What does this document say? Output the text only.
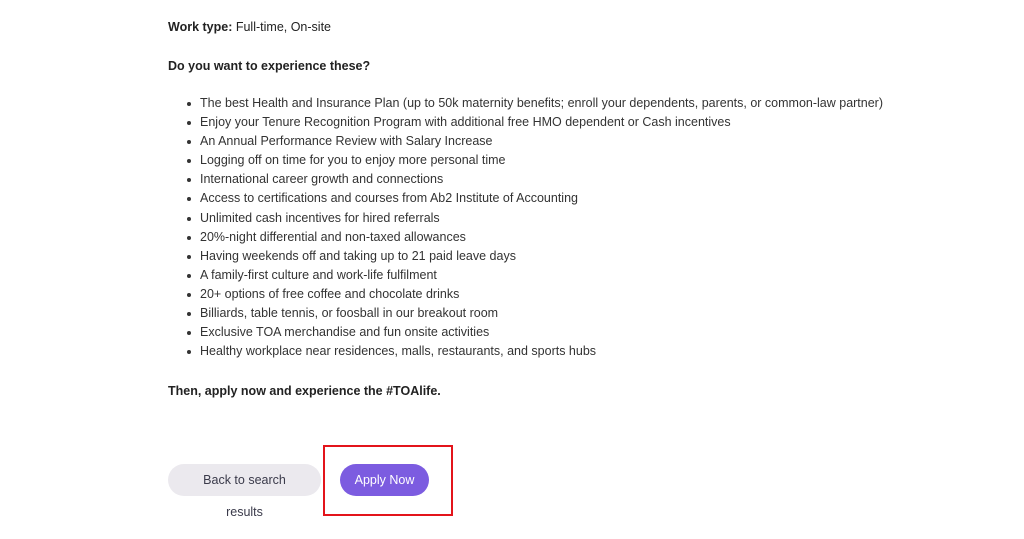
Work type: Full-time, On-site

Do you want to experience these?

The best Health and Insurance Plan (up to 50k maternity benefits; enroll your dependents, parents, or common-law partner)
Enjoy your Tenure Recognition Program with additional free HMO dependent or Cash incentives
An Annual Performance Review with Salary Increase
Logging off on time for you to enjoy more personal time
International career growth and connections
Access to certifications and courses from Ab2 Institute of Accounting
Unlimited cash incentives for hired referrals
20%-night differential and non-taxed allowances
Having weekends off and taking up to 21 paid leave days
A family-first culture and work-life fulfilment
20+ options of free coffee and chocolate drinks
Billiards, table tennis, or foosball in our breakout room
Exclusive TOA merchandise and fun onsite activities
Healthy workplace near residences, malls, restaurants, and sports hubs

Then, apply now and experience the #TOAlife.

Back to search results
Apply Now
